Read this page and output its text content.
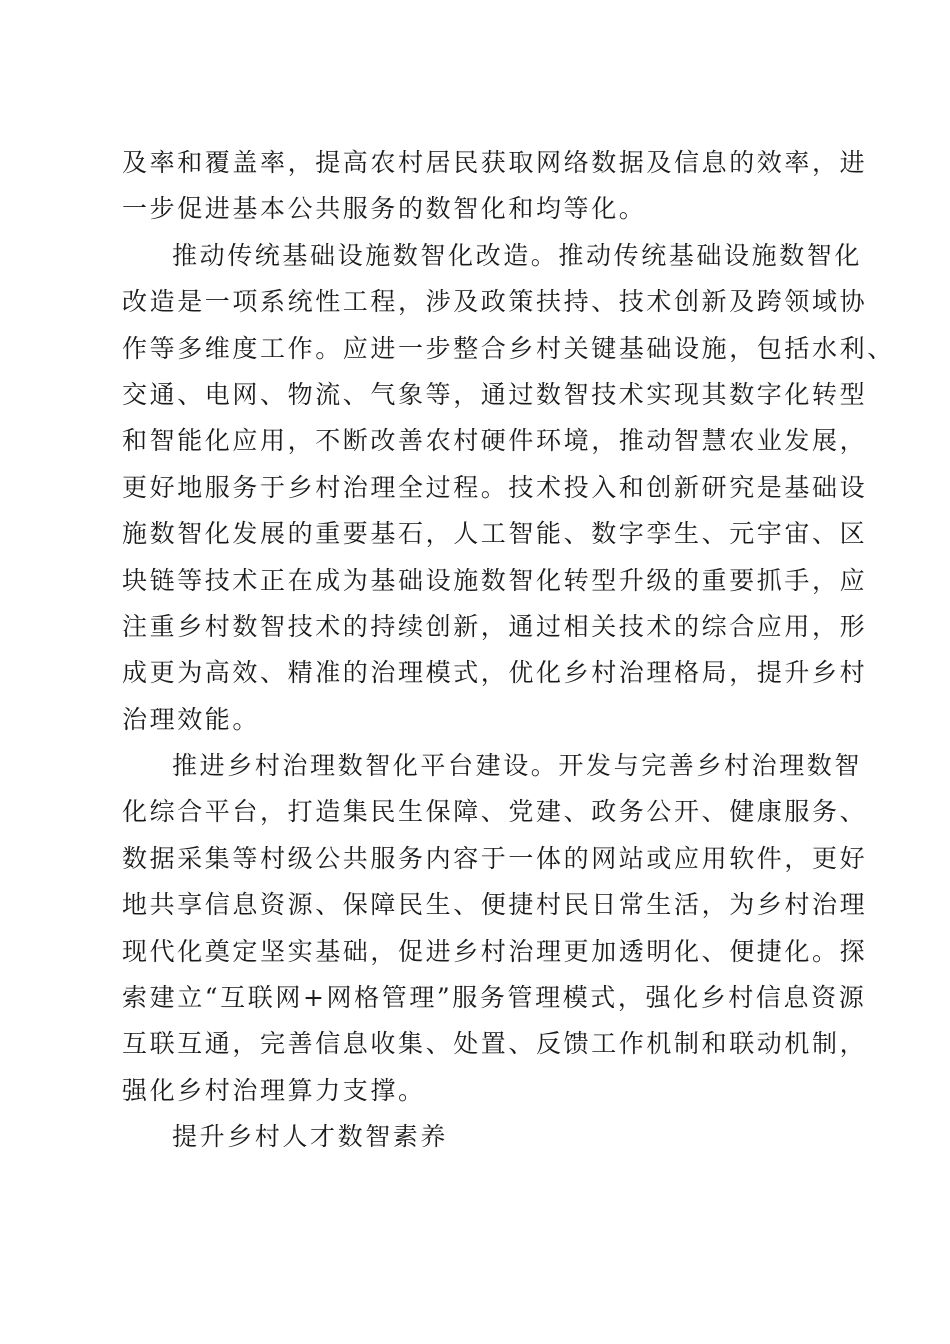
及率和覆盖率，提高农村居民获取网络数据及信息的效率，进
一步促进基本公共服务的数智化和均等化。
推动传统基础设施数智化改造。推动传统基础设施数智化
改造是一项系统性工程，涉及政策扶持、技术创新及跨领域协
作等多维度工作。应进一步整合乡村关键基础设施，包括水利、
交通、电网、物流、气象等，通过数智技术实现其数字化转型
和智能化应用，不断改善农村硬件环境，推动智慧农业发展，
更好地服务于乡村治理全过程。技术投入和创新研究是基础设
施数智化发展的重要基石，人工智能、数字孪生、元宇宙、区
块链等技术正在成为基础设施数智化转型升级的重要抓手，应
注重乡村数智技术的持续创新，通过相关技术的综合应用，形
成更为高效、精准的治理模式，优化乡村治理格局，提升乡村
治理效能。
推进乡村治理数智化平台建设。开发与完善乡村治理数智
化综合平台，打造集民生保障、党建、政务公开、健康服务、
数据采集等村级公共服务内容于一体的网站或应用软件，更好
地共享信息资源、保障民生、便捷村民日常生活，为乡村治理
现代化奠定坚实基础，促进乡村治理更加透明化、便捷化。探
索建立“互联网+网格管理”服务管理模式，强化乡村信息资源
互联互通，完善信息收集、处置、反馈工作机制和联动机制，
强化乡村治理算力支撑。
提升乡村人才数智素养
